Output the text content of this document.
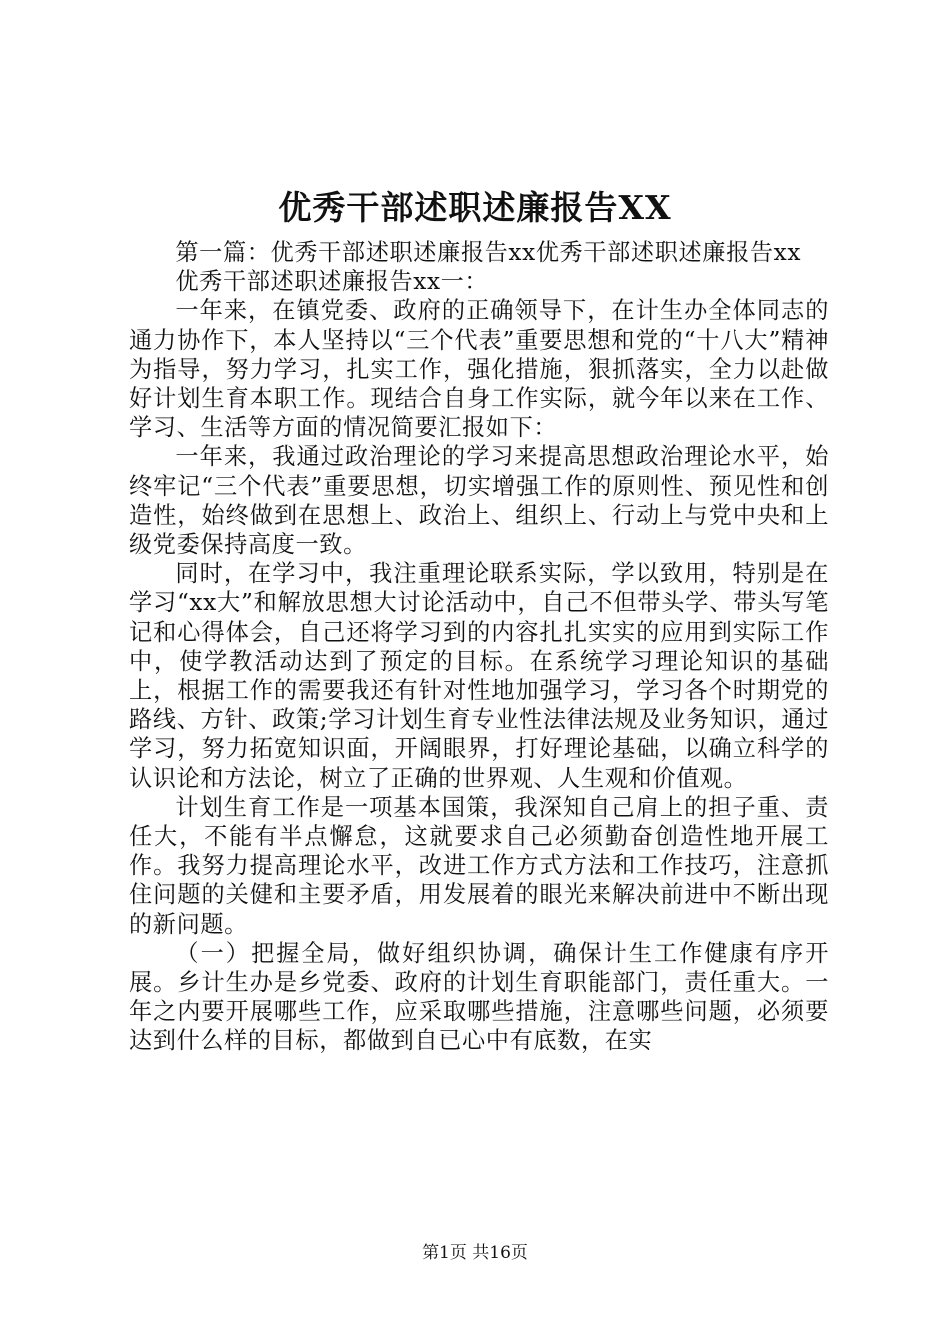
优秀干部述职述廉报告XX

第一篇：优秀干部述职述廉报告xx优秀干部述职述廉报告xx

优秀干部述职述廉报告xx一：

一年来，在镇党委、政府的正确领导下，在计生办全体同志的通力协作下，本人坚持以“三个代表”重要思想和党的“十八大”精神为指导，努力学习，扎实工作，强化措施，狠抓落实，全力以赴做好计划生育本职工作。现结合自身工作实际，就今年以来在工作、学习、生活等方面的情况简要汇报如下：

一年来，我通过政治理论的学习来提高思想政治理论水平，始终牢记“三个代表”重要思想，切实增强工作的原则性、预见性和创造性，始终做到在思想上、政治上、组织上、行动上与党中央和上级党委保持高度一致。

同时，在学习中，我注重理论联系实际，学以致用，特别是在学习“xx大”和解放思想大讨论活动中，自己不但带头学、带头写笔记和心得体会，自己还将学习到的内容扎扎实实的应用到实际工作中，使学教活动达到了预定的目标。在系统学习理论知识的基础上，根据工作的需要我还有针对性地加强学习，学习各个时期党的路线、方针、政策;学习计划生育专业性法律法规及业务知识，通过学习，努力拓宽知识面，开阔眼界，打好理论基础，以确立科学的认识论和方法论，树立了正确的世界观、人生观和价值观。

计划生育工作是一项基本国策，我深知自己肩上的担子重、责任大，不能有半点懈怠，这就要求自己必须勤奋创造性地开展工作。我努力提高理论水平，改进工作方式方法和工作技巧，注意抓住问题的关健和主要矛盾，用发展着的眼光来解决前进中不断出现的新问题。

（一）把握全局，做好组织协调，确保计生工作健康有序开展。乡计生办是乡党委、政府的计划生育职能部门，责任重大。一年之内要开展哪些工作，应采取哪些措施，注意哪些问题，必须要达到什么样的目标，都做到自已心中有底数，在实

第1页 共16页
